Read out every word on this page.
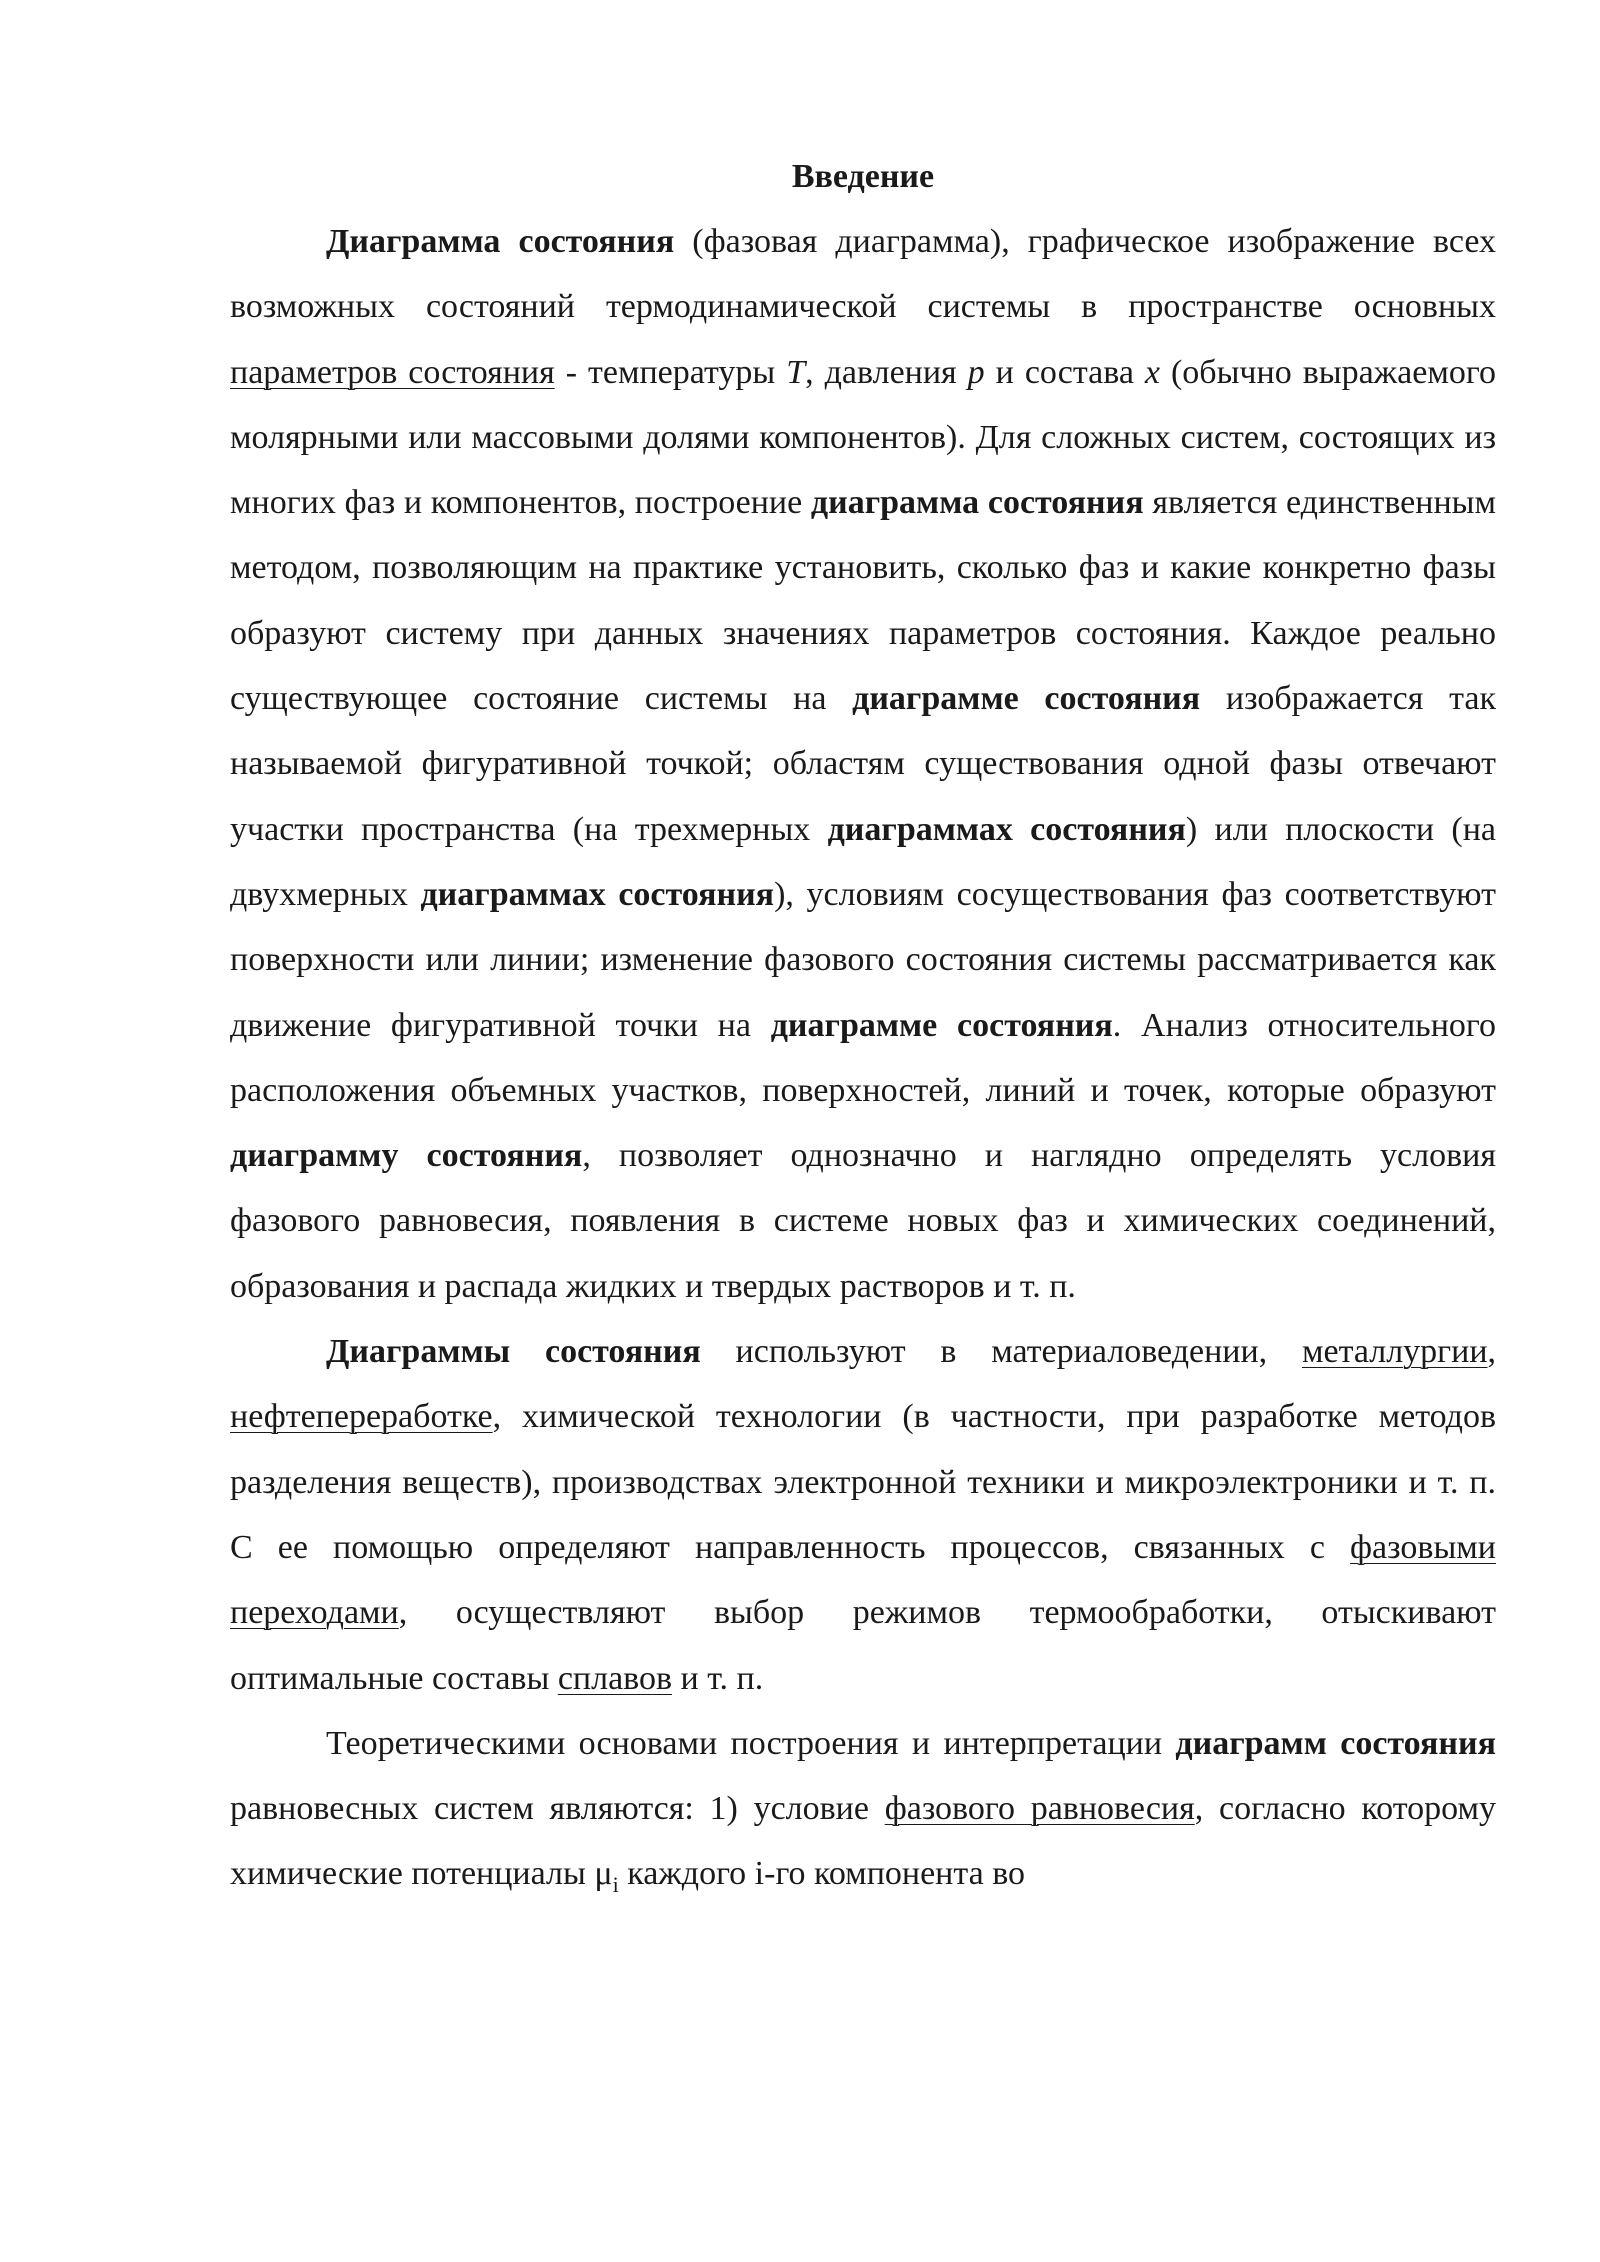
Введение

Диаграмма состояния (фазовая диаграмма), графическое изображение всех возможных состояний термодинамической системы в пространстве основных параметров состояния - температуры T, давления p и состава x (обычно выражаемого молярными или массовыми долями компонентов). Для сложных систем, состоящих из многих фаз и компонентов, построение диаграмма состояния является единственным методом, позволяющим на практике установить, сколько фаз и какие конкретно фазы образуют систему при данных значениях параметров состояния. Каждое реально существующее состояние системы на диаграмме состояния изображается так называемой фигуративной точкой; областям существования одной фазы отвечают участки пространства (на трехмерных диаграммах состояния) или плоскости (на двухмерных диаграммах состояния), условиям сосуществования фаз соответствуют поверхности или линии; изменение фазового состояния системы рассматривается как движение фигуративной точки на диаграмме состояния. Анализ относительного расположения объемных участков, поверхностей, линий и точек, которые образуют диаграмму состояния, позволяет однозначно и наглядно определять условия фазового равновесия, появления в системе новых фаз и химических соединений, образования и распада жидких и твердых растворов и т. п.

Диаграммы состояния используют в материаловедении, металлургии, нефтепереработке, химической технологии (в частности, при разработке методов разделения веществ), производствах электронной техники и микроэлектроники и т. п. С ее помощью определяют направленность процессов, связанных с фазовыми переходами, осуществляют выбор режимов термообработки, отыскивают оптимальные составы сплавов и т. п.

Теоретическими основами построения и интерпретации диаграмм состояния равновесных систем являются: 1) условие фазового равновесия, согласно которому химические потенциалы $\mu_i$ каждого i-го компонента во
